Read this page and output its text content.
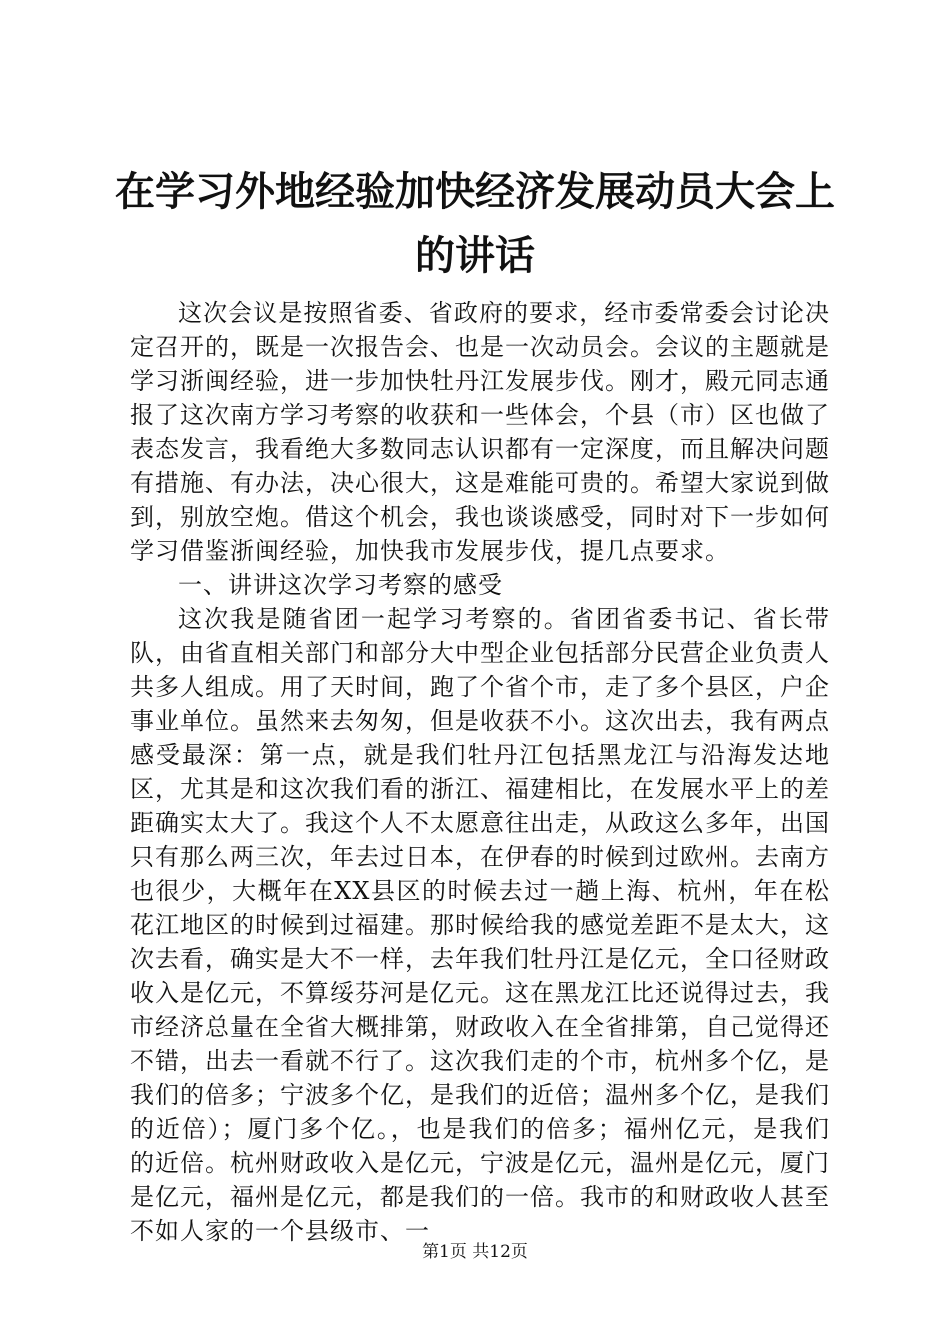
在学习外地经验加快经济发展动员大会上的讲话

这次会议是按照省委、省政府的要求，经市委常委会讨论决定召开的，既是一次报告会、也是一次动员会。会议的主题就是学习浙闽经验，进一步加快牡丹江发展步伐。刚才，殿元同志通报了这次南方学习考察的收获和一些体会，个县（市）区也做了表态发言，我看绝大多数同志认识都有一定深度，而且解决问题有措施、有办法，决心很大，这是难能可贵的。希望大家说到做到，别放空炮。借这个机会，我也谈谈感受，同时对下一步如何学习借鉴浙闽经验，加快我市发展步伐，提几点要求。

一、讲讲这次学习考察的感受

这次我是随省团一起学习考察的。省团省委书记、省长带队，由省直相关部门和部分大中型企业包括部分民营企业负责人共多人组成。用了天时间，跑了个省个市，走了多个县区，户企事业单位。虽然来去匆匆，但是收获不小。这次出去，我有两点感受最深：第一点，就是我们牡丹江包括黑龙江与沿海发达地区，尤其是和这次我们看的浙江、福建相比，在发展水平上的差距确实太大了。我这个人不太愿意往出走，从政这么多年，出国只有那么两三次，年去过日本，在伊春的时候到过欧州。去南方也很少，大概年在XX县区的时候去过一趟上海、杭州，年在松花江地区的时候到过福建。那时候给我的感觉差距不是太大，这次去看，确实是大不一样，去年我们牡丹江是亿元，全口径财政收入是亿元，不算绥芬河是亿元。这在黑龙江比还说得过去，我市经济总量在全省大概排第，财政收入在全省排第，自己觉得还不错，出去一看就不行了。这次我们走的个市，杭州多个亿，是我们的倍多；宁波多个亿，是我们的近倍；温州多个亿，是我们的近倍）；厦门多个亿。，也是我们的倍多；福州亿元，是我们的近倍。杭州财政收入是亿元，宁波是亿元，温州是亿元，厦门是亿元，福州是亿元，都是我们的一倍。我市的和财政收人甚至不如人家的一个县级市、一

第1页 共12页
